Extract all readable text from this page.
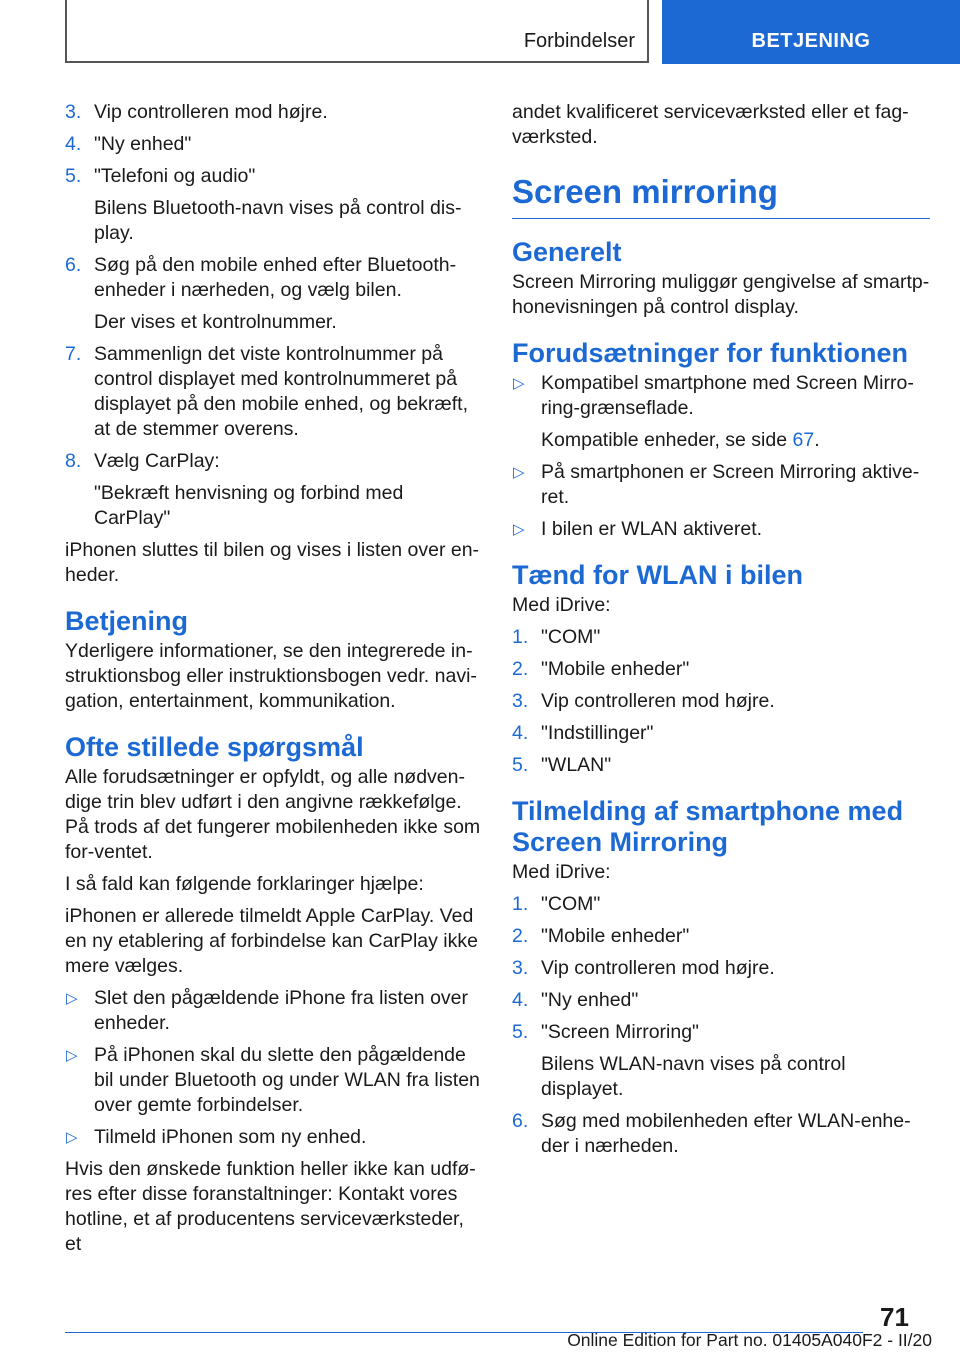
Forbindelser	BETJENING
3. Vip controlleren mod højre.
4. "Ny enhed"
5. "Telefoni og audio"
Bilens Bluetooth-navn vises på control dis-play.
6. Søg på den mobile enhed efter Bluetooth-enheder i nærheden, og vælg bilen.
Der vises et kontrolnummer.
7. Sammenlign det viste kontrolnummer på control displayet med kontrolnummeret på displayet på den mobile enhed, og bekræft, at de stemmer overens.
8. Vælg CarPlay:
"Bekræft henvisning og forbind med CarPlay"

iPhonen sluttes til bilen og vises i listen over en-heder.

Betjening

Yderligere informationer, se den integrerede in-struktionsbog eller instruktionsbogen vedr. navi-gation, entertainment, kommunikation.

Ofte stillede spørgsmål

Alle forudsætninger er opfyldt, og alle nødven-dige trin blev udført i den angivne rækkefølge. På trods af det fungerer mobilenheden ikke som for-ventet.

I så fald kan følgende forklaringer hjælpe:

iPhonen er allerede tilmeldt Apple CarPlay. Ved en ny etablering af forbindelse kan CarPlay ikke mere vælges.

▷ Slet den pågældende iPhone fra listen over enheder.
▷ På iPhonen skal du slette den pågældende bil under Bluetooth og under WLAN fra listen over gemte forbindelser.
▷ Tilmeld iPhonen som ny enhed.

Hvis den ønskede funktion heller ikke kan udfø-res efter disse foranstaltninger: Kontakt vores hotline, et af producentens serviceværksteder, et

andet kvalificeret serviceværksted eller et fag-værksted.

Screen mirroring
Generelt

Screen Mirroring muliggør gengivelse af smartp-honevisningen på control display.

Forudsætninger for funktionen
▷ Kompatibel smartphone med Screen Mirro-ring-grænseflade.
Kompatible enheder, se side 67.
▷ På smartphonen er Screen Mirroring aktive-ret.
▷ I bilen er WLAN aktiveret.
Tænd for WLAN i bilen

Med iDrive:

1. "COM"
2. "Mobile enheder"
3. Vip controlleren mod højre.
4. "Indstillinger"
5. "WLAN"
Tilmelding af smartphone med Screen Mirroring

Med iDrive:

1. "COM"
2. "Mobile enheder"
3. Vip controlleren mod højre.
4. "Ny enhed"
5. "Screen Mirroring"
Bilens WLAN-navn vises på control displayet.
6. Søg med mobilenheden efter WLAN-enhe-der i nærheden.
71
Online Edition for Part no. 01405A040F2 - II/20
